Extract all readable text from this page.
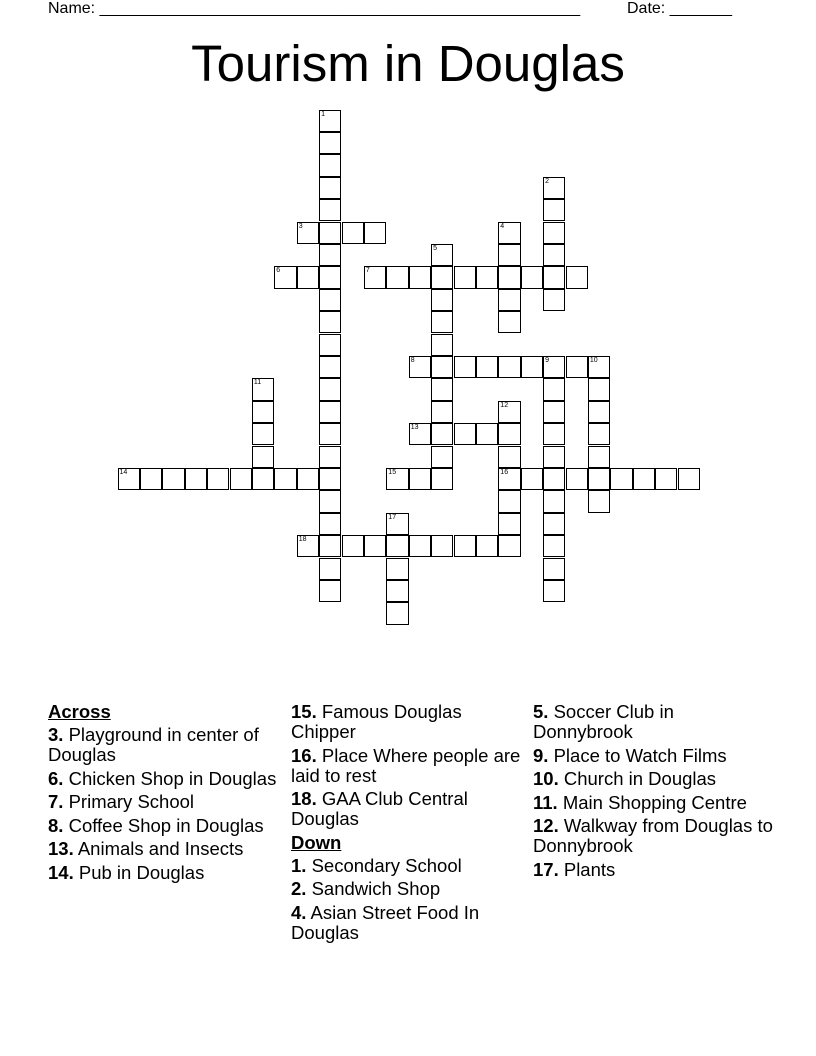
Name: ______________________________________________________	Date: _______
Tourism in Douglas
1
2
3	4
5
6	7
8	9	10
11
12
16
13
14	15
17
18
Across
3. Playground in center of Douglas
6. Chicken Shop in Douglas
7. Primary School
8. Coffee Shop in Douglas
13. Animals and Insects
14. Pub in Douglas
15. Famous Douglas Chipper
16. Place Where people are laid to rest
18. GAA Club Central Douglas
Down
1. Secondary School
2. Sandwich Shop
4. Asian Street Food In Douglas
5. Soccer Club in Donnybrook
9. Place to Watch Films
10. Church in Douglas
11. Main Shopping Centre
12. Walkway from Douglas to Donnybrook
17. Plants
